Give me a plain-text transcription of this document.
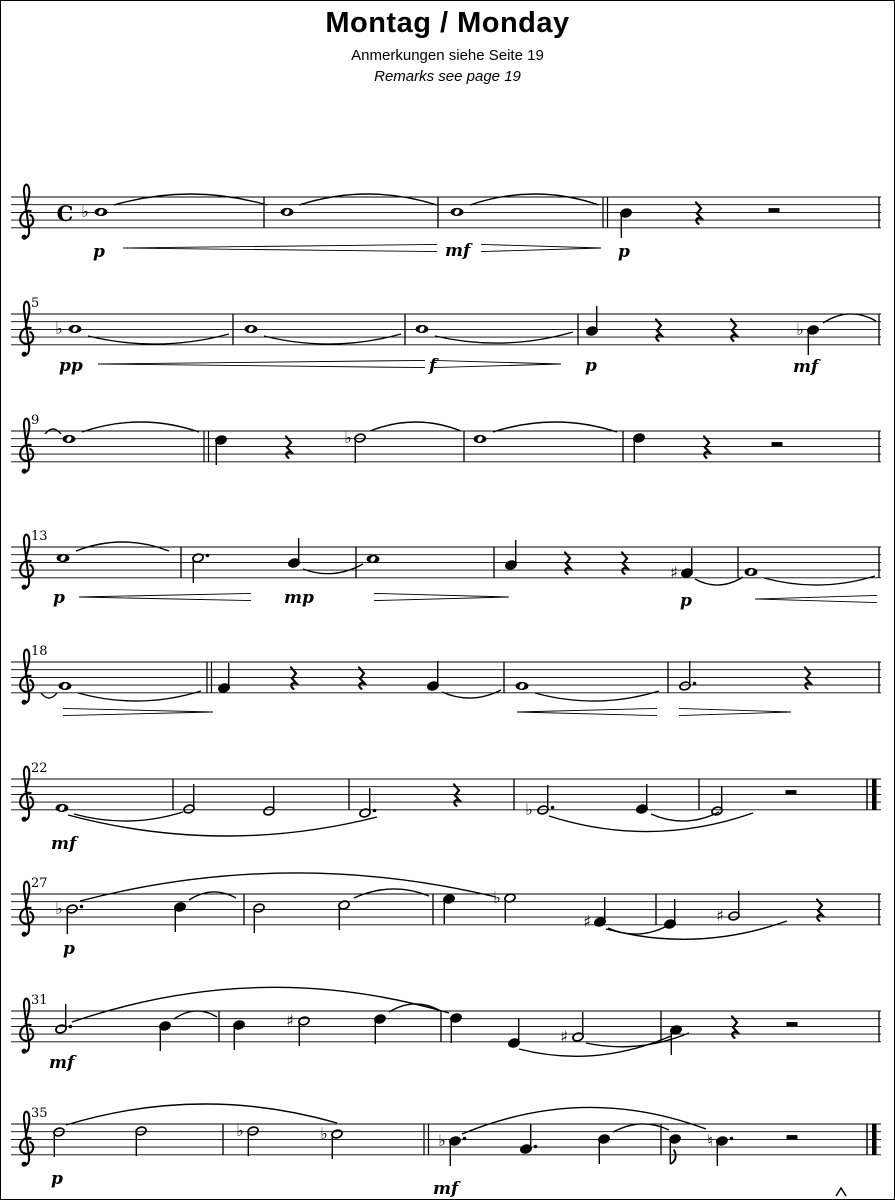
Montag / Monday
Anmerkungen siehe Seite 19
Remarks see page 19
C ♭
p	mf	p
5
♭
pp	f	p
♭
mf
9
♭
13
p	mp
♯
p
18
22
mf
♭
27
♭
p
♭
♯	♯
31
mf
♯
♯
35
p
♭	♭	♭
mf
♮
